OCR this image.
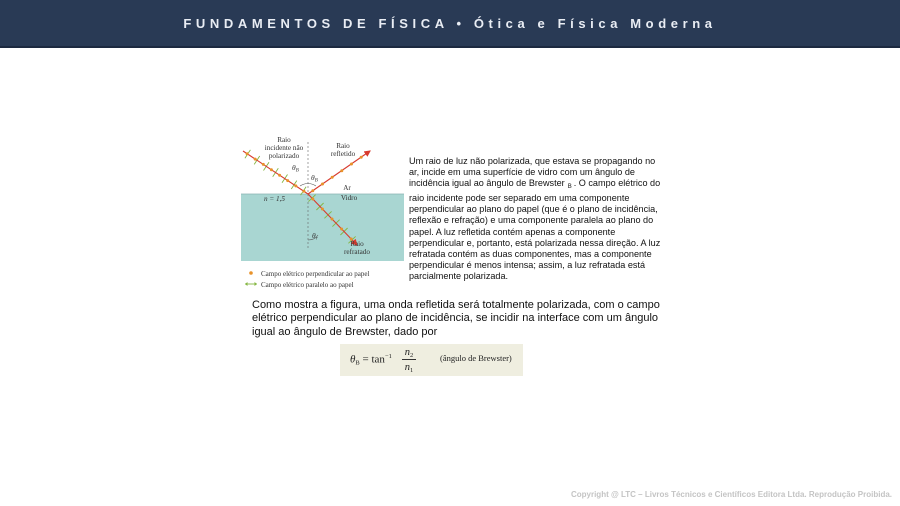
FUNDAMENTOS DE FÍSICA • Ótica e Física Moderna
Raio
incidente não
polarizado
Raio
refletido
$\theta_B$
$\theta_B$
Ar
Vidro
n = 1,5
$\theta_r$
Raio
refratado
Campo elétrico perpendicular ao papel
Campo elétrico paralelo ao papel
Um raio de luz não polarizada, que estava se propagando no ar, incide em uma superfície de vidro com um ângulo de incidência igual ao ângulo de Brewster $_B$ . O campo elétrico do raio incidente pode ser separado em uma componente perpendicular ao plano do papel (que é o plano de incidência, reflexão e refração) e uma componente paralela ao plano do papel. A luz refletida contém apenas a componente perpendicular e, portanto, está polarizada nessa direção. A luz refratada contém as duas componentes, mas a componente perpendicular é menos intensa; assim, a luz refratada está parcialmente polarizada.
Como mostra a figura, uma onda refletida será totalmente polarizada, com o campo elétrico perpendicular ao plano de incidência, se incidir na interface com um ângulo igual ao ângulo de Brewster, dado por
$\theta B = \tan^{-1} n2$
n1
(ângulo de Brewster)
Copyright @ LTC – Livros Técnicos e Científicos Editora Ltda. Reprodução Proibida.
